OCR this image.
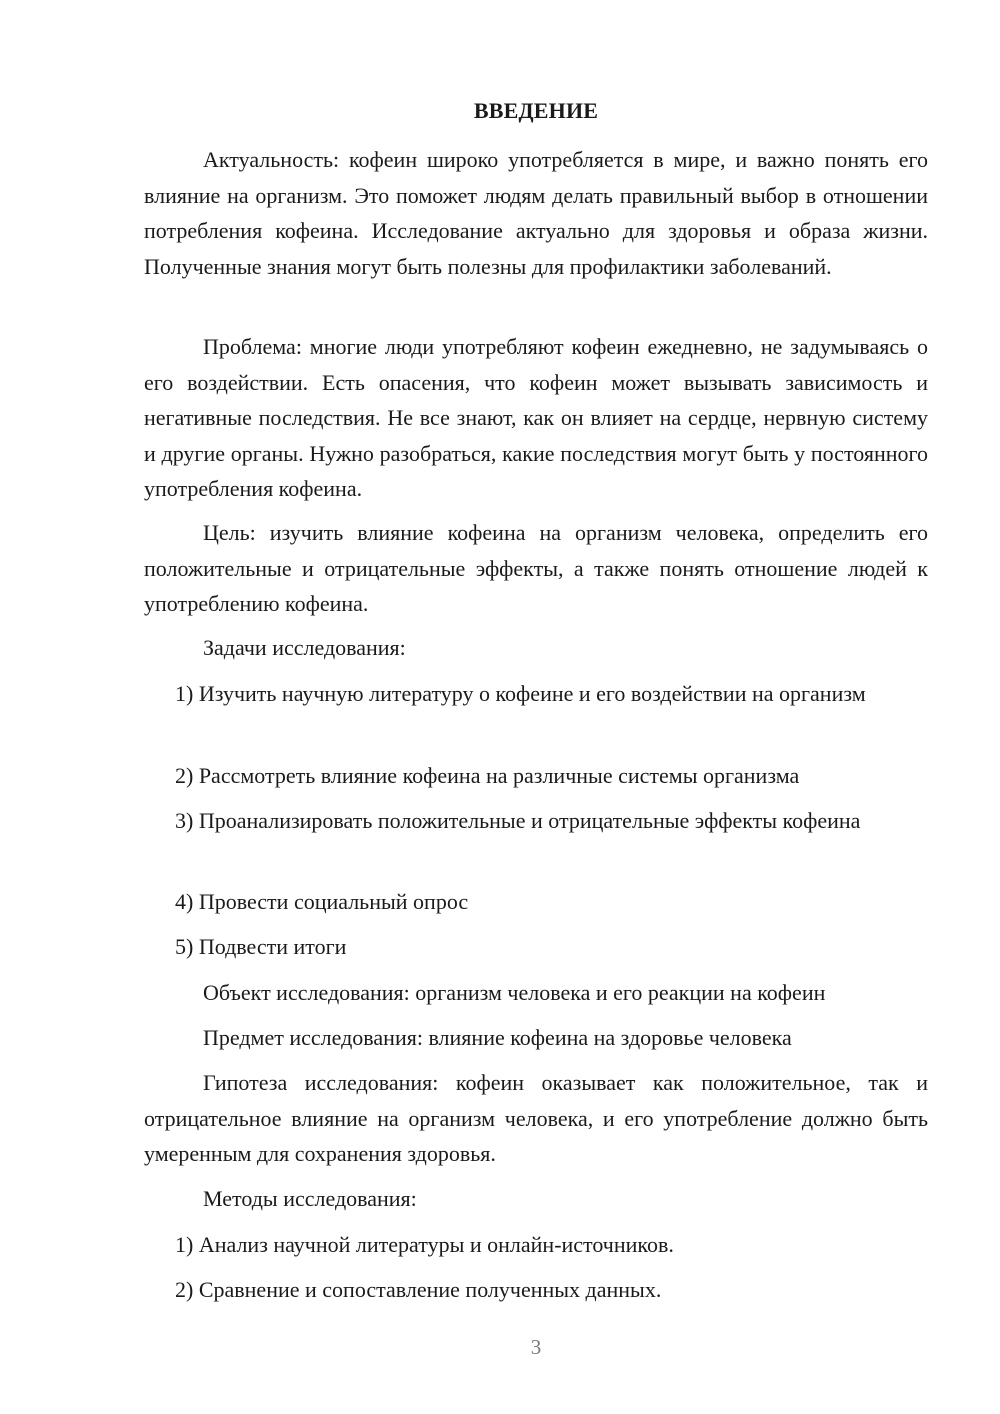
ВВЕДЕНИЕ

Актуальность: кофеин широко употребляется в мире, и важно понять его влияние на организм. Это поможет людям делать правильный выбор в отношении потребления кофеина. Исследование актуально для здоровья и образа жизни. Полученные знания могут быть полезны для профилактики заболеваний.

Проблема: многие люди употребляют кофеин ежедневно, не задумываясь о его воздействии. Есть опасения, что кофеин может вызывать зависимость и негативные последствия. Не все знают, как он влияет на сердце, нервную систему и другие органы. Нужно разобраться, какие последствия могут быть у постоянного употребления кофеина.

Цель: изучить влияние кофеина на организм человека, определить его положительные и отрицательные эффекты, а также понять отношение людей к употреблению кофеина.

Задачи исследования:

1) Изучить научную литературу о кофеине и его воздействии на организм

2) Рассмотреть влияние кофеина на различные системы организма

3) Проанализировать положительные и отрицательные эффекты кофеина

4) Провести социальный опрос

5) Подвести итоги

Объект исследования: организм человека и его реакции на кофеин

Предмет исследования: влияние кофеина на здоровье человека

Гипотеза исследования: кофеин оказывает как положительное, так и отрицательное влияние на организм человека, и его употребление должно быть умеренным для сохранения здоровья.

Методы исследования:

1) Анализ научной литературы и онлайн-источников.

2) Сравнение и сопоставление полученных данных.

3
